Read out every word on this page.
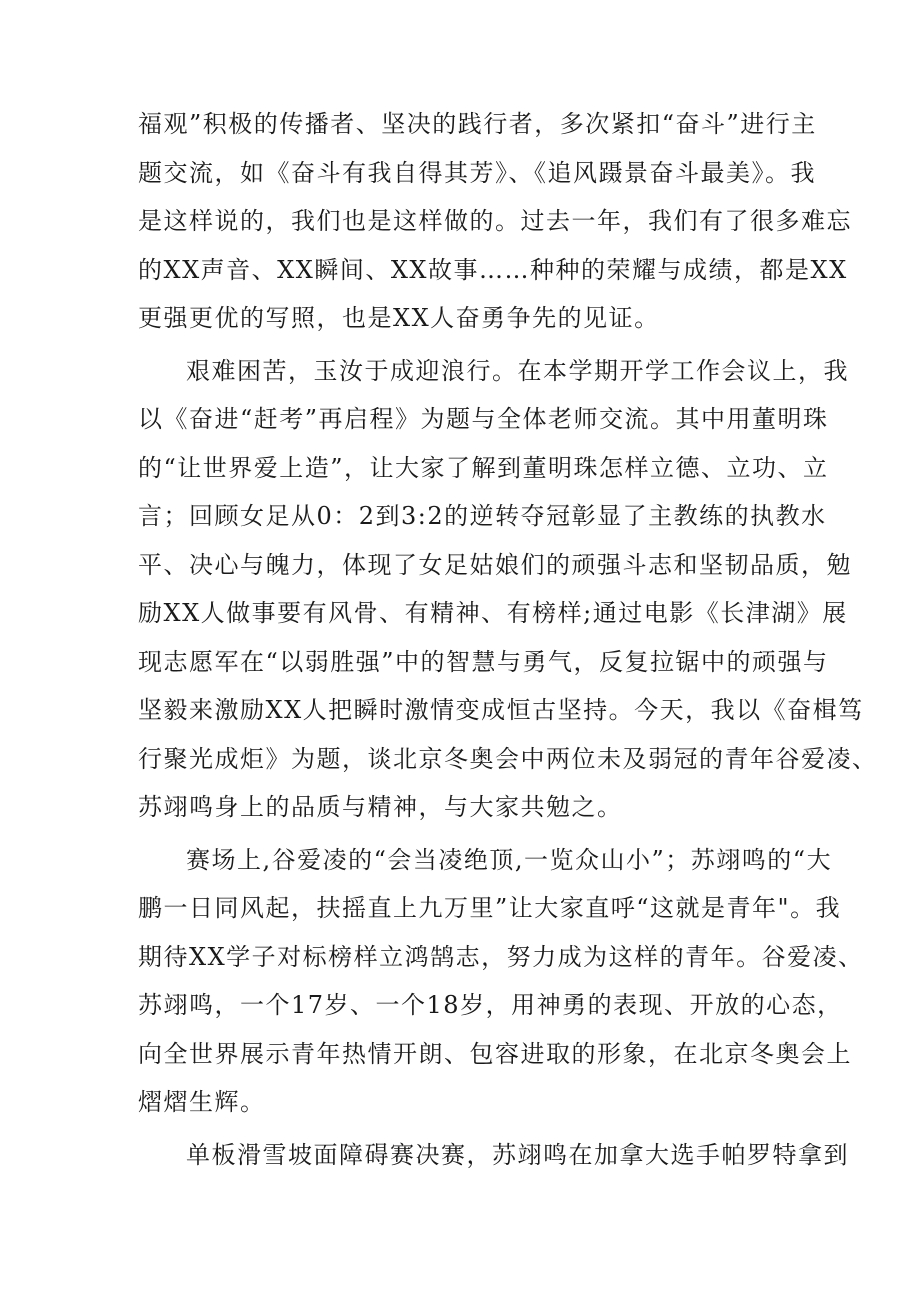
福观”积极的传播者、坚决的践行者，多次紧扣“奋斗”进行主
题交流，如《奋斗有我自得其芳》、《追风蹑景奋斗最美》。我
是这样说的，我们也是这样做的。过去一年，我们有了很多难忘
的XX声音、XX瞬间、XX故事……种种的荣耀与成绩，都是XX
更强更优的写照，也是XX人奋勇争先的见证。
艰难困苦，玉汝于成迎浪行。在本学期开学工作会议上，我
以《奋进“赶考”再启程》为题与全体老师交流。其中用董明珠
的“让世界爱上造”，让大家了解到董明珠怎样立德、立功、立
言；回顾女足从0：2到3:2的逆转夺冠彰显了主教练的执教水
平、决心与魄力，体现了女足姑娘们的顽强斗志和坚韧品质，勉
励XX人做事要有风骨、有精神、有榜样;通过电影《长津湖》展
现志愿军在“以弱胜强”中的智慧与勇气，反复拉锯中的顽强与
坚毅来激励XX人把瞬时激情变成恒古坚持。今天，我以《奋楫笃
行聚光成炬》为题，谈北京冬奥会中两位未及弱冠的青年谷爱凌、
苏翊鸣身上的品质与精神，与大家共勉之。
赛场上,谷爱凌的“会当凌绝顶,一览众山小”；苏翊鸣的“大
鹏一日同风起，扶摇直上九万里”让大家直呼“这就是青年"。我
期待XX学子对标榜样立鸿鹄志，努力成为这样的青年。谷爱凌、
苏翊鸣，一个17岁、一个18岁，用神勇的表现、开放的心态，
向全世界展示青年热情开朗、包容进取的形象，在北京冬奥会上
熠熠生辉。
单板滑雪坡面障碍赛决赛，苏翊鸣在加拿大选手帕罗特拿到
